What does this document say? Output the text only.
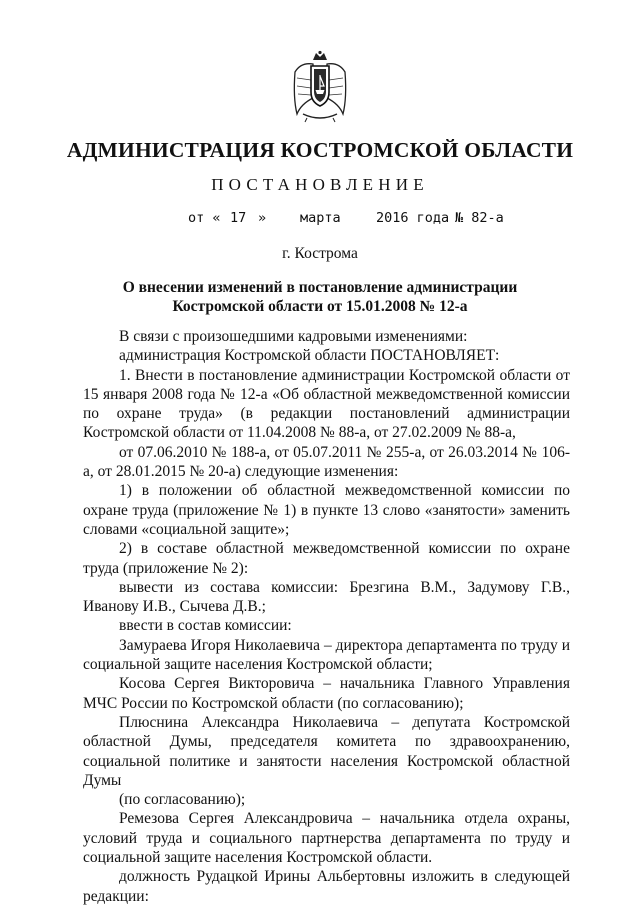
АДМИНИСТРАЦИЯ КОСТРОМСКОЙ ОБЛАСТИ
ПОСТАНОВЛЕНИЕ
от « 17 »	марта	2016 года № 82-а
г. Кострома
О внесении изменений в постановление администрации
Костромской области от 15.01.2008 № 12-а

В связи с произошедшими кадровыми изменениями:

администрация Костромской области ПОСТАНОВЛЯЕТ:

1. Внести в постановление администрации Костромской области от 15 января 2008 года № 12-а «Об областной межведомственной комиссии по охране труда» (в редакции постановлений администрации Костромской области от 11.04.2008 № 88-а, от 27.02.2009 № 88-а,

от 07.06.2010 № 188-а, от 05.07.2011 № 255-а, от 26.03.2014 № 106-а, от 28.01.2015 № 20-а) следующие изменения:

1) в положении об областной межведомственной комиссии по охране труда (приложение № 1) в пункте 13 слово «занятости» заменить словами «социальной защите»;

2) в составе областной межведомственной комиссии по охране труда (приложение № 2):

вывести из состава комиссии: Брезгина В.М., Задумову Г.В., Иванову И.В., Сычева Д.В.;

ввести в состав комиссии:

Замураева Игоря Николаевича – директора департамента по труду и социальной защите населения Костромской области;

Косова Сергея Викторовича – начальника Главного Управления МЧС России по Костромской области (по согласованию);

Плюснина Александра Николаевича – депутата Костромской областной Думы, председателя комитета по здравоохранению, социальной политике и занятости населения Костромской областной Думы

(по согласованию);

Ремезова Сергея Александровича – начальника отдела охраны, условий труда и социального партнерства департамента по труду и социальной защите населения Костромской области.

должность Рудацкой Ирины Альбертовны изложить в следующей редакции:
